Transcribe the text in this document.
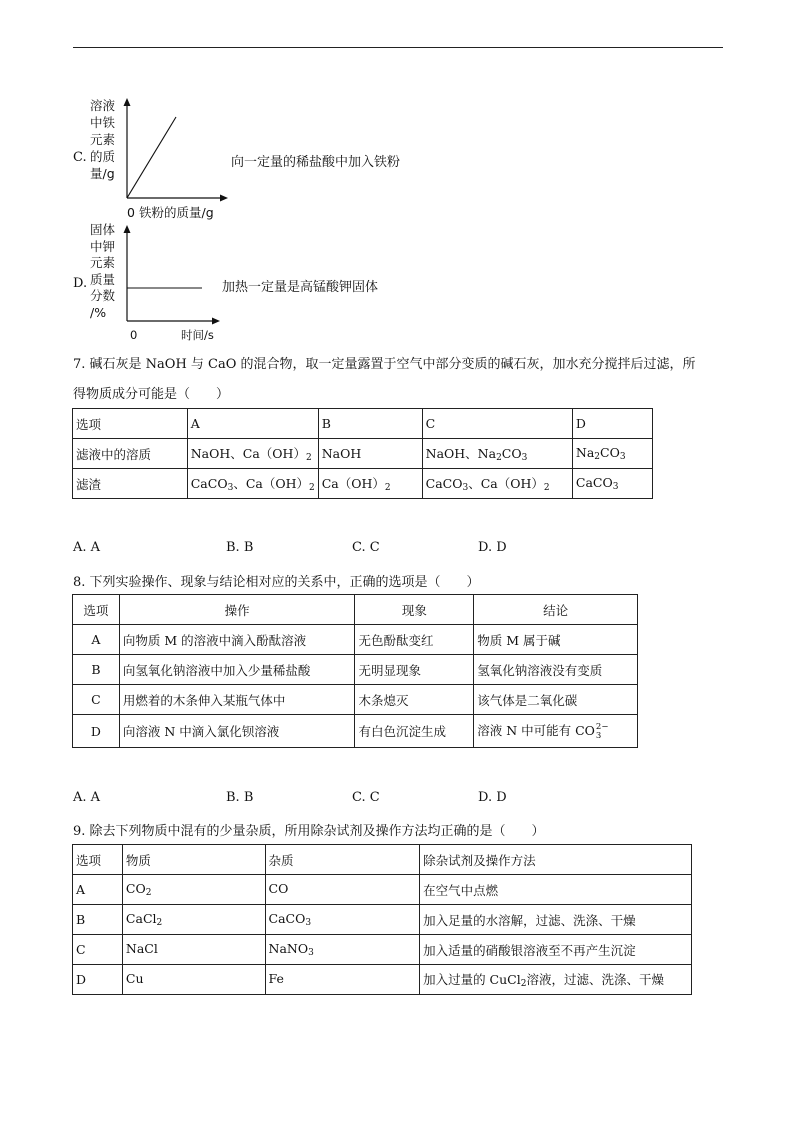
C.
溶液
中铁
元素
的质
量/g
0 铁粉的质量/g
向一定量的稀盐酸中加入铁粉
D.
固体
中钾
元素
质量
分数
/%
0	时间/s
加热一定量是高锰酸钾固体
7. 碱石灰是 NaOH 与 CaO 的混合物，取一定量露置于空气中部分变质的碱石灰，加水充分搅拌后过滤，所
得物质成分可能是（　　）
选项	A	B	C	D
滤液中的溶质	NaOH、$Ca(OH)_2$	NaOH	NaOH、$Na_2CO_3$	$Na_2CO_3$
滤渣	CaCO$_3$、$Ca(OH)_2$	$Ca(OH)_2$	CaCO$_3$、$Ca(OH)_2$	CaCO$_3$
A. A	B. B	C. C	D. D
8. 下列实验操作、现象与结论相对应的关系中，正确的选项是（　　）
选项	操作	现象	结论
A	向物质 M 的溶液中滴入酚酞溶液	无色酚酞变红	物质 M 属于碱
B	向氢氧化钠溶液中加入少量稀盐酸	无明显现象	氢氧化钠溶液没有变质
C	用燃着的木条伸入某瓶气体中	木条熄灭	该气体是二氧化碳
D	向溶液 N 中滴入氯化钡溶液	有白色沉淀生成	溶液 N 中可能有 CO 2−
3
A. A	B. B	C. C	D. D
9. 除去下列物质中混有的少量杂质，所用除杂试剂及操作方法均正确的是（　　）
选项	物质	杂质	除杂试剂及操作方法
A	$CO_2$	CO	在空气中点燃
B	CaCl$_2$	CaCO$_3$	加入足量的水溶解，过滤、洗涤、干燥
C	NaCl	NaNO$_3$	加入适量的硝酸银溶液至不再产生沉淀
D	Cu	Fe	加入过量的 CuCl$_2$溶液，过滤、洗涤、干燥
